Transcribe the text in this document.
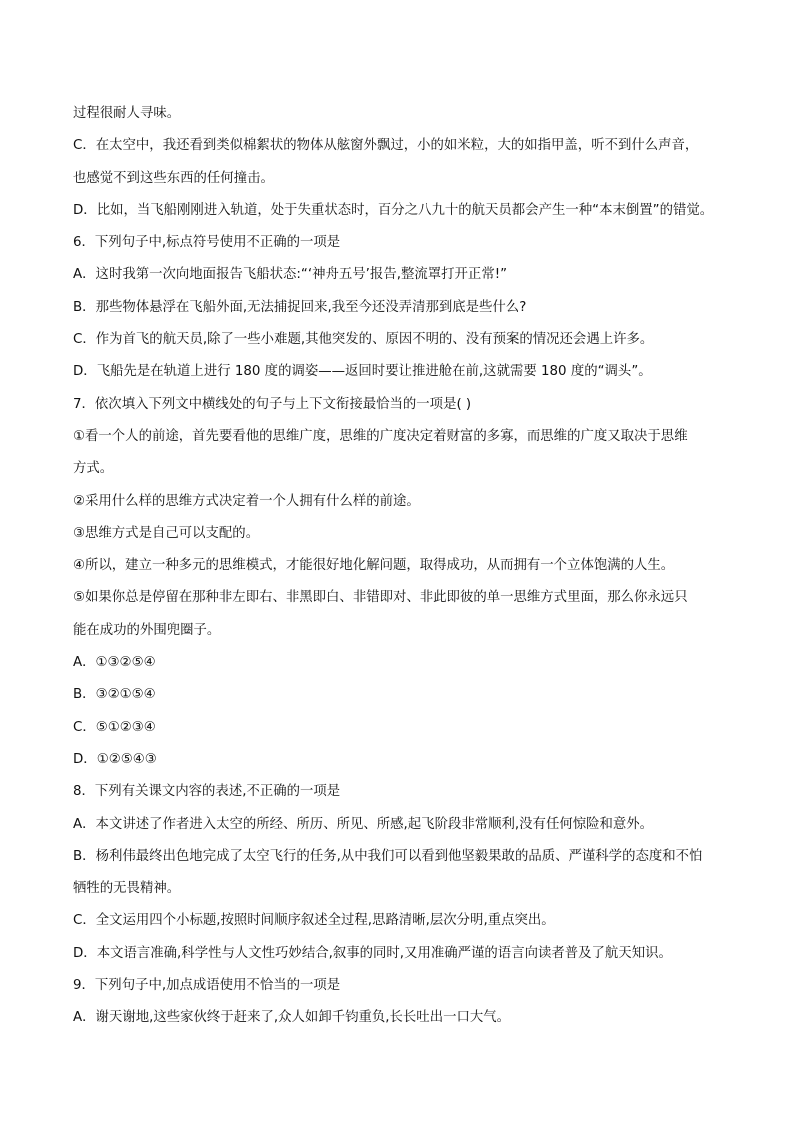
过程很耐人寻味。
C．在太空中，我还看到类似棉絮状的物体从舷窗外飘过，小的如米粒，大的如指甲盖，听不到什么声音，
也感觉不到这些东西的任何撞击。
D．比如，当飞船刚刚进入轨道，处于失重状态时，百分之八九十的航天员都会产生一种“本末倒置”的错觉。
6．下列句子中,标点符号使用不正确的一项是
A．这时我第一次向地面报告飞船状态:“‘神舟五号’报告,整流罩打开正常!”
B．那些物体悬浮在飞船外面,无法捕捉回来,我至今还没弄清那到底是些什么?
C．作为首飞的航天员,除了一些小难题,其他突发的、原因不明的、没有预案的情况还会遇上许多。
D．飞船先是在轨道上进行 180 度的调姿——返回时要让推进舱在前,这就需要 180 度的“调头”。
7．依次填入下列文中横线处的句子与上下文衔接最恰当的一项是( )
①看一个人的前途，首先要看他的思维广度，思维的广度决定着财富的多寡，而思维的广度又取决于思维
方式。
②采用什么样的思维方式决定着一个人拥有什么样的前途。
③思维方式是自己可以支配的。
④所以，建立一种多元的思维模式，才能很好地化解问题，取得成功，从而拥有一个立体饱满的人生。
⑤如果你总是停留在那种非左即右、非黑即白、非错即对、非此即彼的单一思维方式里面，那么你永远只
能在成功的外围兜圈子。
A．①③②⑤④
B．③②①⑤④
C．⑤①②③④
D．①②⑤④③
8．下列有关课文内容的表述,不正确的一项是
A．本文讲述了作者进入太空的所经、所历、所见、所感,起飞阶段非常顺利,没有任何惊险和意外。
B．杨利伟最终出色地完成了太空飞行的任务,从中我们可以看到他坚毅果敢的品质、严谨科学的态度和不怕
牺牲的无畏精神。
C．全文运用四个小标题,按照时间顺序叙述全过程,思路清晰,层次分明,重点突出。
D．本文语言准确,科学性与人文性巧妙结合,叙事的同时,又用准确严谨的语言向读者普及了航天知识。
9．下列句子中,加点成语使用不恰当的一项是
A．谢天谢地,这些家伙终于赶来了,众人如卸千钧重负,长长吐出一口大气。
